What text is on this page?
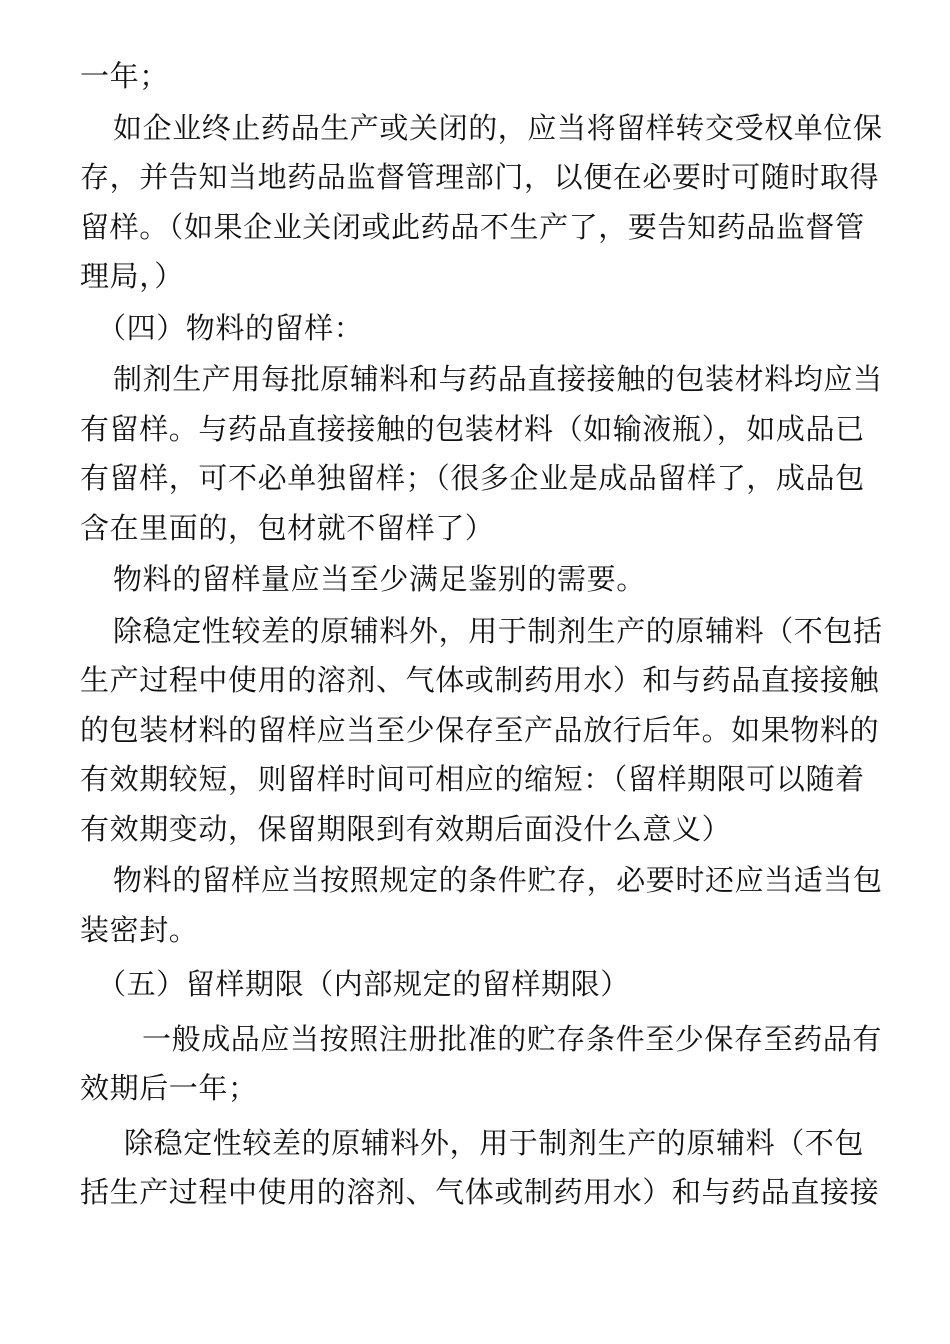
一年；
如企业终止药品生产或关闭的，应当将留样转交受权单位保
存，并告知当地药品监督管理部门，以便在必要时可随时取得
留样。（如果企业关闭或此药品不生产了，要告知药品监督管
理局，）
（四）物料的留样：
制剂生产用每批原辅料和与药品直接接触的包装材料均应当
有留样。与药品直接接触的包装材料（如输液瓶），如成品已
有留样，可不必单独留样；（很多企业是成品留样了，成品包
含在里面的，包材就不留样了）
物料的留样量应当至少满足鉴别的需要。
除稳定性较差的原辅料外，用于制剂生产的原辅料（不包括
生产过程中使用的溶剂、气体或制药用水）和与药品直接接触
的包装材料的留样应当至少保存至产品放行后年。如果物料的
有效期较短，则留样时间可相应的缩短：（留样期限可以随着
有效期变动，保留期限到有效期后面没什么意义）
物料的留样应当按照规定的条件贮存，必要时还应当适当包
装密封。
（五）留样期限（内部规定的留样期限）
一般成品应当按照注册批准的贮存条件至少保存至药品有
效期后一年；
除稳定性较差的原辅料外，用于制剂生产的原辅料（不包
括生产过程中使用的溶剂、气体或制药用水）和与药品直接接
